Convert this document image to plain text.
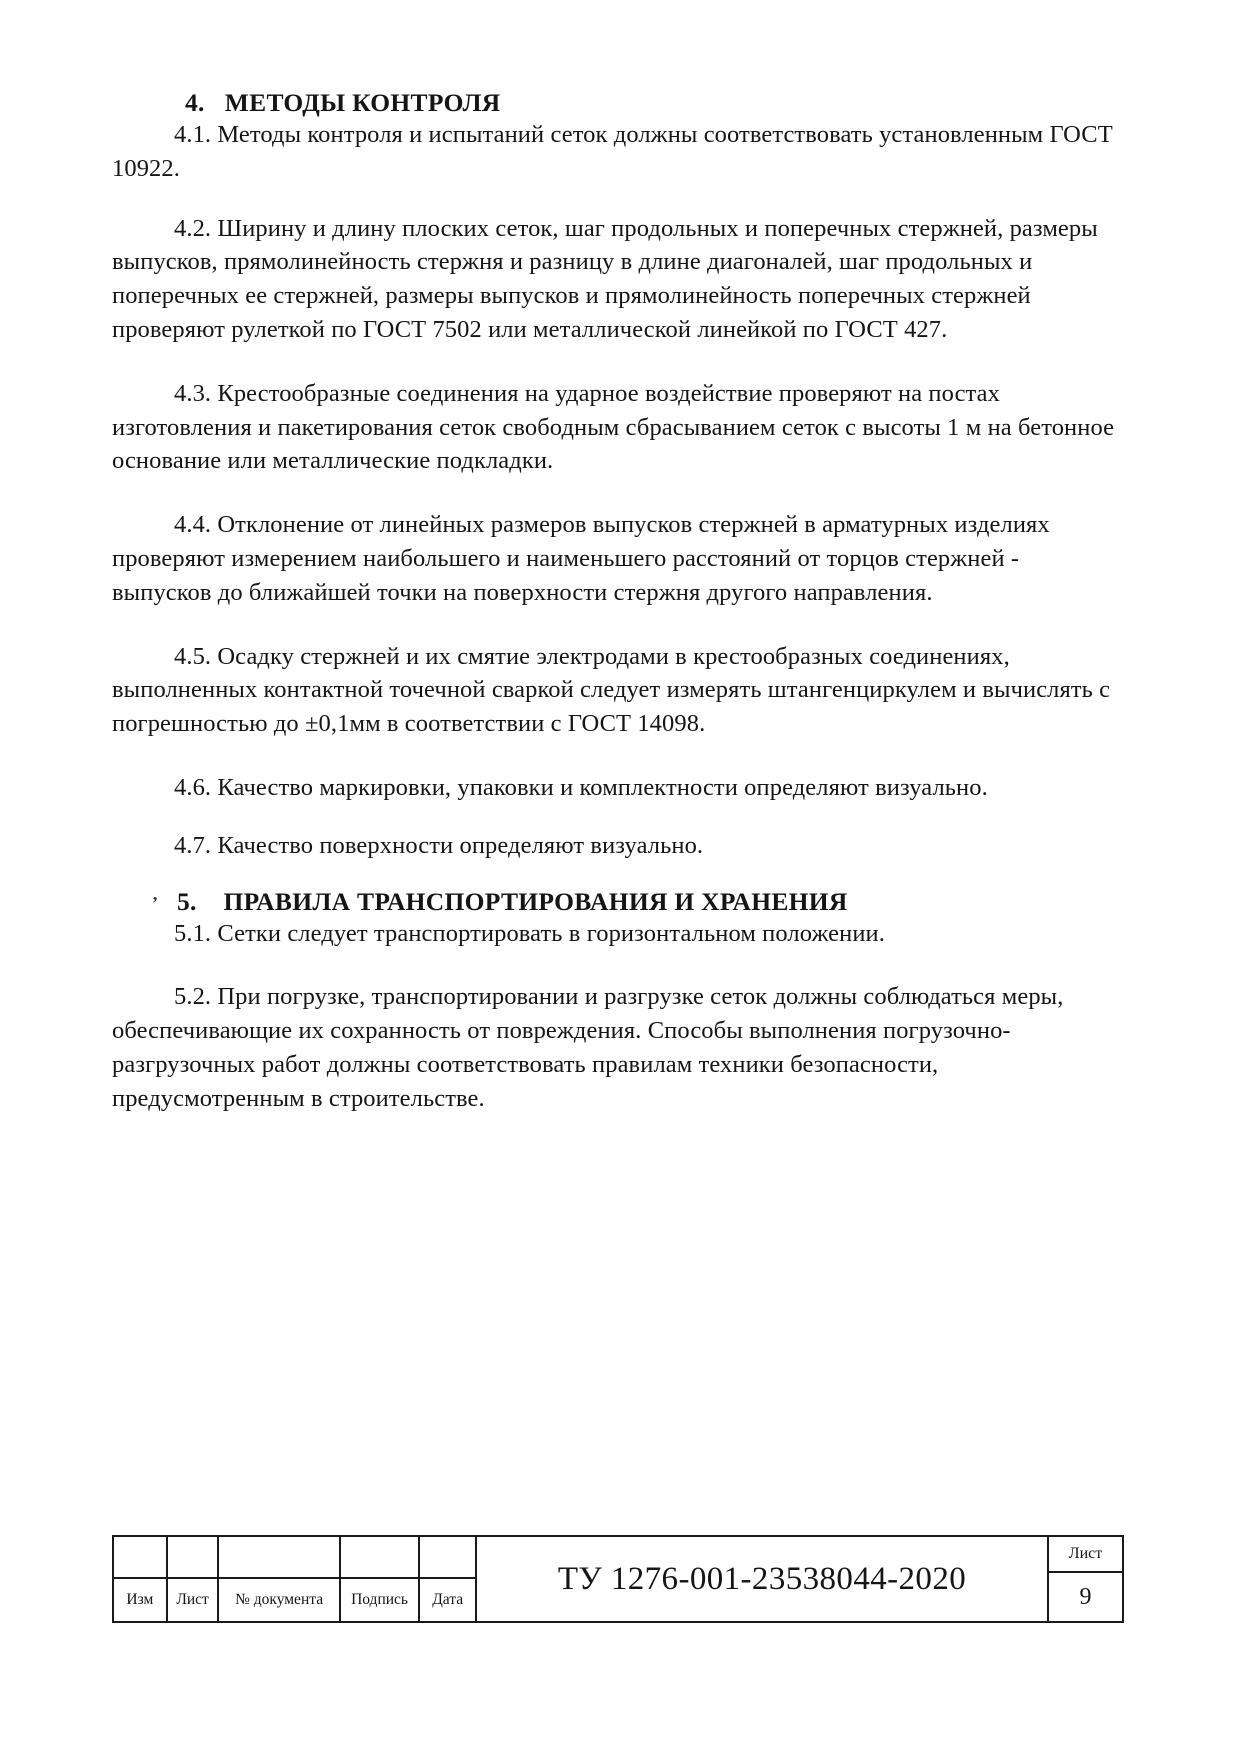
4. МЕТОДЫ КОНТРОЛЯ

4.1. Методы контроля и испытаний сеток должны соответствовать установленным ГОСТ 10922.

4.2. Ширину и длину плоских сеток, шаг продольных и поперечных стержней, размеры выпусков, прямолинейность стержня и разницу в длине диагоналей, шаг продольных и поперечных ее стержней, размеры выпусков и прямолинейность поперечных стержней проверяют рулеткой по ГОСТ 7502 или металлической линейкой по ГОСТ 427.

4.3. Крестообразные соединения на ударное воздействие проверяют на постах изготовления и пакетирования сеток свободным сбрасыванием сеток с высоты 1 м на бетонное основание или металлические подкладки.

4.4. Отклонение от линейных размеров выпусков стержней в арматурных изделиях проверяют измерением наибольшего и наименьшего расстояний от торцов стержней - выпусков до ближайшей точки на поверхности стержня другого направления.

4.5. Осадку стержней и их смятие электродами в крестообразных соединениях, выполненных контактной точечной сваркой следует измерять штангенциркулем и вычислять с погрешностью до ±0,1мм в соответствии с ГОСТ 14098.

4.6. Качество маркировки, упаковки и комплектности определяют визуально.

4.7. Качество поверхности определяют визуально.

ʼ 5. ПРАВИЛА ТРАНСПОРТИРОВАНИЯ И ХРАНЕНИЯ

5.1. Сетки следует транспортировать в горизонтальном положении.

5.2. При погрузке, транспортировании и разгрузке сеток должны соблюдаться меры, обеспечивающие их сохранность от повреждения. Способы выполнения погрузочно-разгрузочных работ должны соответствовать правилам техники безопасности, предусмотренным в строительстве.

Изм	Лист	№ документа	Подпись	Дата
ТУ 1276-001-23538044-2020
Лист
9
